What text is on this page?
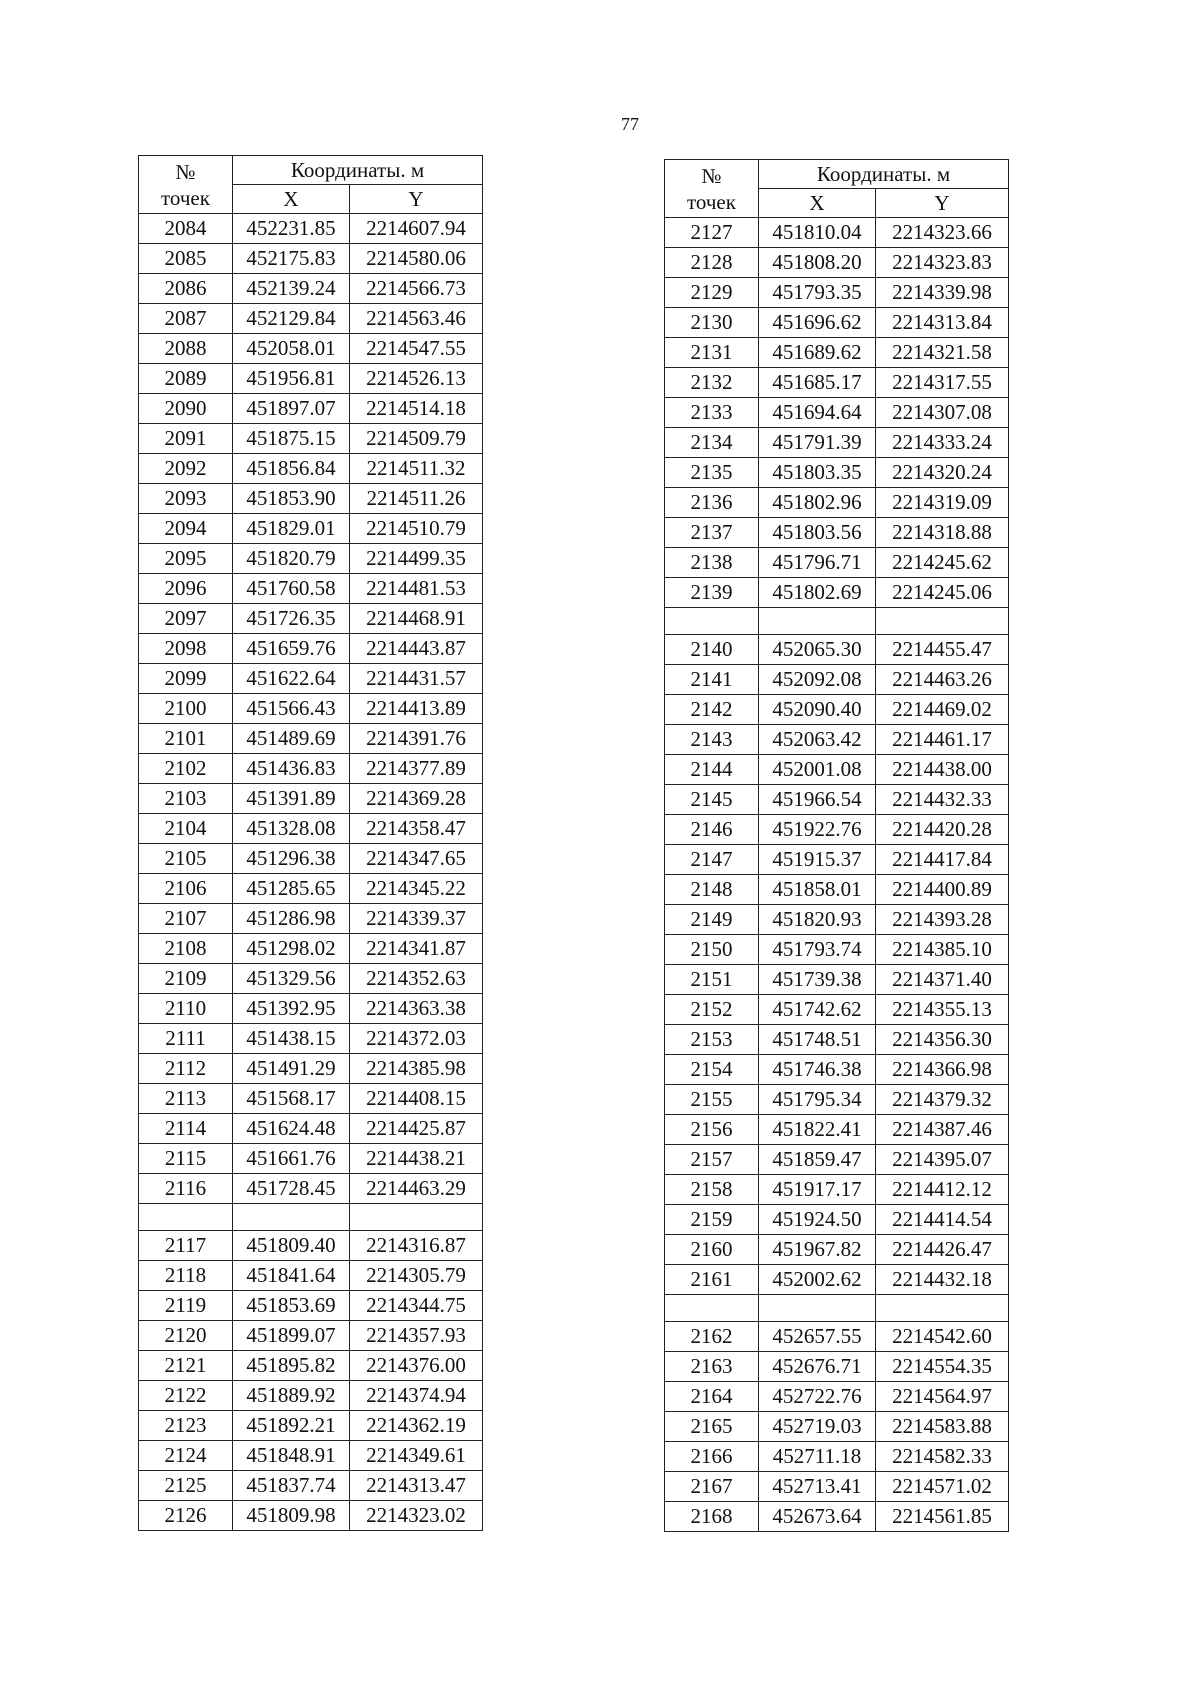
77
№
точек	Координаты. м	
	X	Y
2084	452231.85	2214607.94
2085	452175.83	2214580.06
2086	452139.24	2214566.73
2087	452129.84	2214563.46
2088	452058.01	2214547.55
2089	451956.81	2214526.13
2090	451897.07	2214514.18
2091	451875.15	2214509.79
2092	451856.84	2214511.32
2093	451853.90	2214511.26
2094	451829.01	2214510.79
2095	451820.79	2214499.35
2096	451760.58	2214481.53
2097	451726.35	2214468.91
2098	451659.76	2214443.87
2099	451622.64	2214431.57
2100	451566.43	2214413.89
2101	451489.69	2214391.76
2102	451436.83	2214377.89
2103	451391.89	2214369.28
2104	451328.08	2214358.47
2105	451296.38	2214347.65
2106	451285.65	2214345.22
2107	451286.98	2214339.37
2108	451298.02	2214341.87
2109	451329.56	2214352.63
2110	451392.95	2214363.38
2111	451438.15	2214372.03
2112	451491.29	2214385.98
2113	451568.17	2214408.15
2114	451624.48	2214425.87
2115	451661.76	2214438.21
2116	451728.45	2214463.29

2117	451809.40	2214316.87
2118	451841.64	2214305.79
2119	451853.69	2214344.75
2120	451899.07	2214357.93
2121	451895.82	2214376.00
2122	451889.92	2214374.94
2123	451892.21	2214362.19
2124	451848.91	2214349.61
2125	451837.74	2214313.47
2126	451809.98	2214323.02
№
точек	Координаты. м	
	X	Y
2127	451810.04	2214323.66
2128	451808.20	2214323.83
2129	451793.35	2214339.98
2130	451696.62	2214313.84
2131	451689.62	2214321.58
2132	451685.17	2214317.55
2133	451694.64	2214307.08
2134	451791.39	2214333.24
2135	451803.35	2214320.24
2136	451802.96	2214319.09
2137	451803.56	2214318.88
2138	451796.71	2214245.62
2139	451802.69	2214245.06

2140	452065.30	2214455.47
2141	452092.08	2214463.26
2142	452090.40	2214469.02
2143	452063.42	2214461.17
2144	452001.08	2214438.00
2145	451966.54	2214432.33
2146	451922.76	2214420.28
2147	451915.37	2214417.84
2148	451858.01	2214400.89
2149	451820.93	2214393.28
2150	451793.74	2214385.10
2151	451739.38	2214371.40
2152	451742.62	2214355.13
2153	451748.51	2214356.30
2154	451746.38	2214366.98
2155	451795.34	2214379.32
2156	451822.41	2214387.46
2157	451859.47	2214395.07
2158	451917.17	2214412.12
2159	451924.50	2214414.54
2160	451967.82	2214426.47
2161	452002.62	2214432.18

2162	452657.55	2214542.60
2163	452676.71	2214554.35
2164	452722.76	2214564.97
2165	452719.03	2214583.88
2166	452711.18	2214582.33
2167	452713.41	2214571.02
2168	452673.64	2214561.85
